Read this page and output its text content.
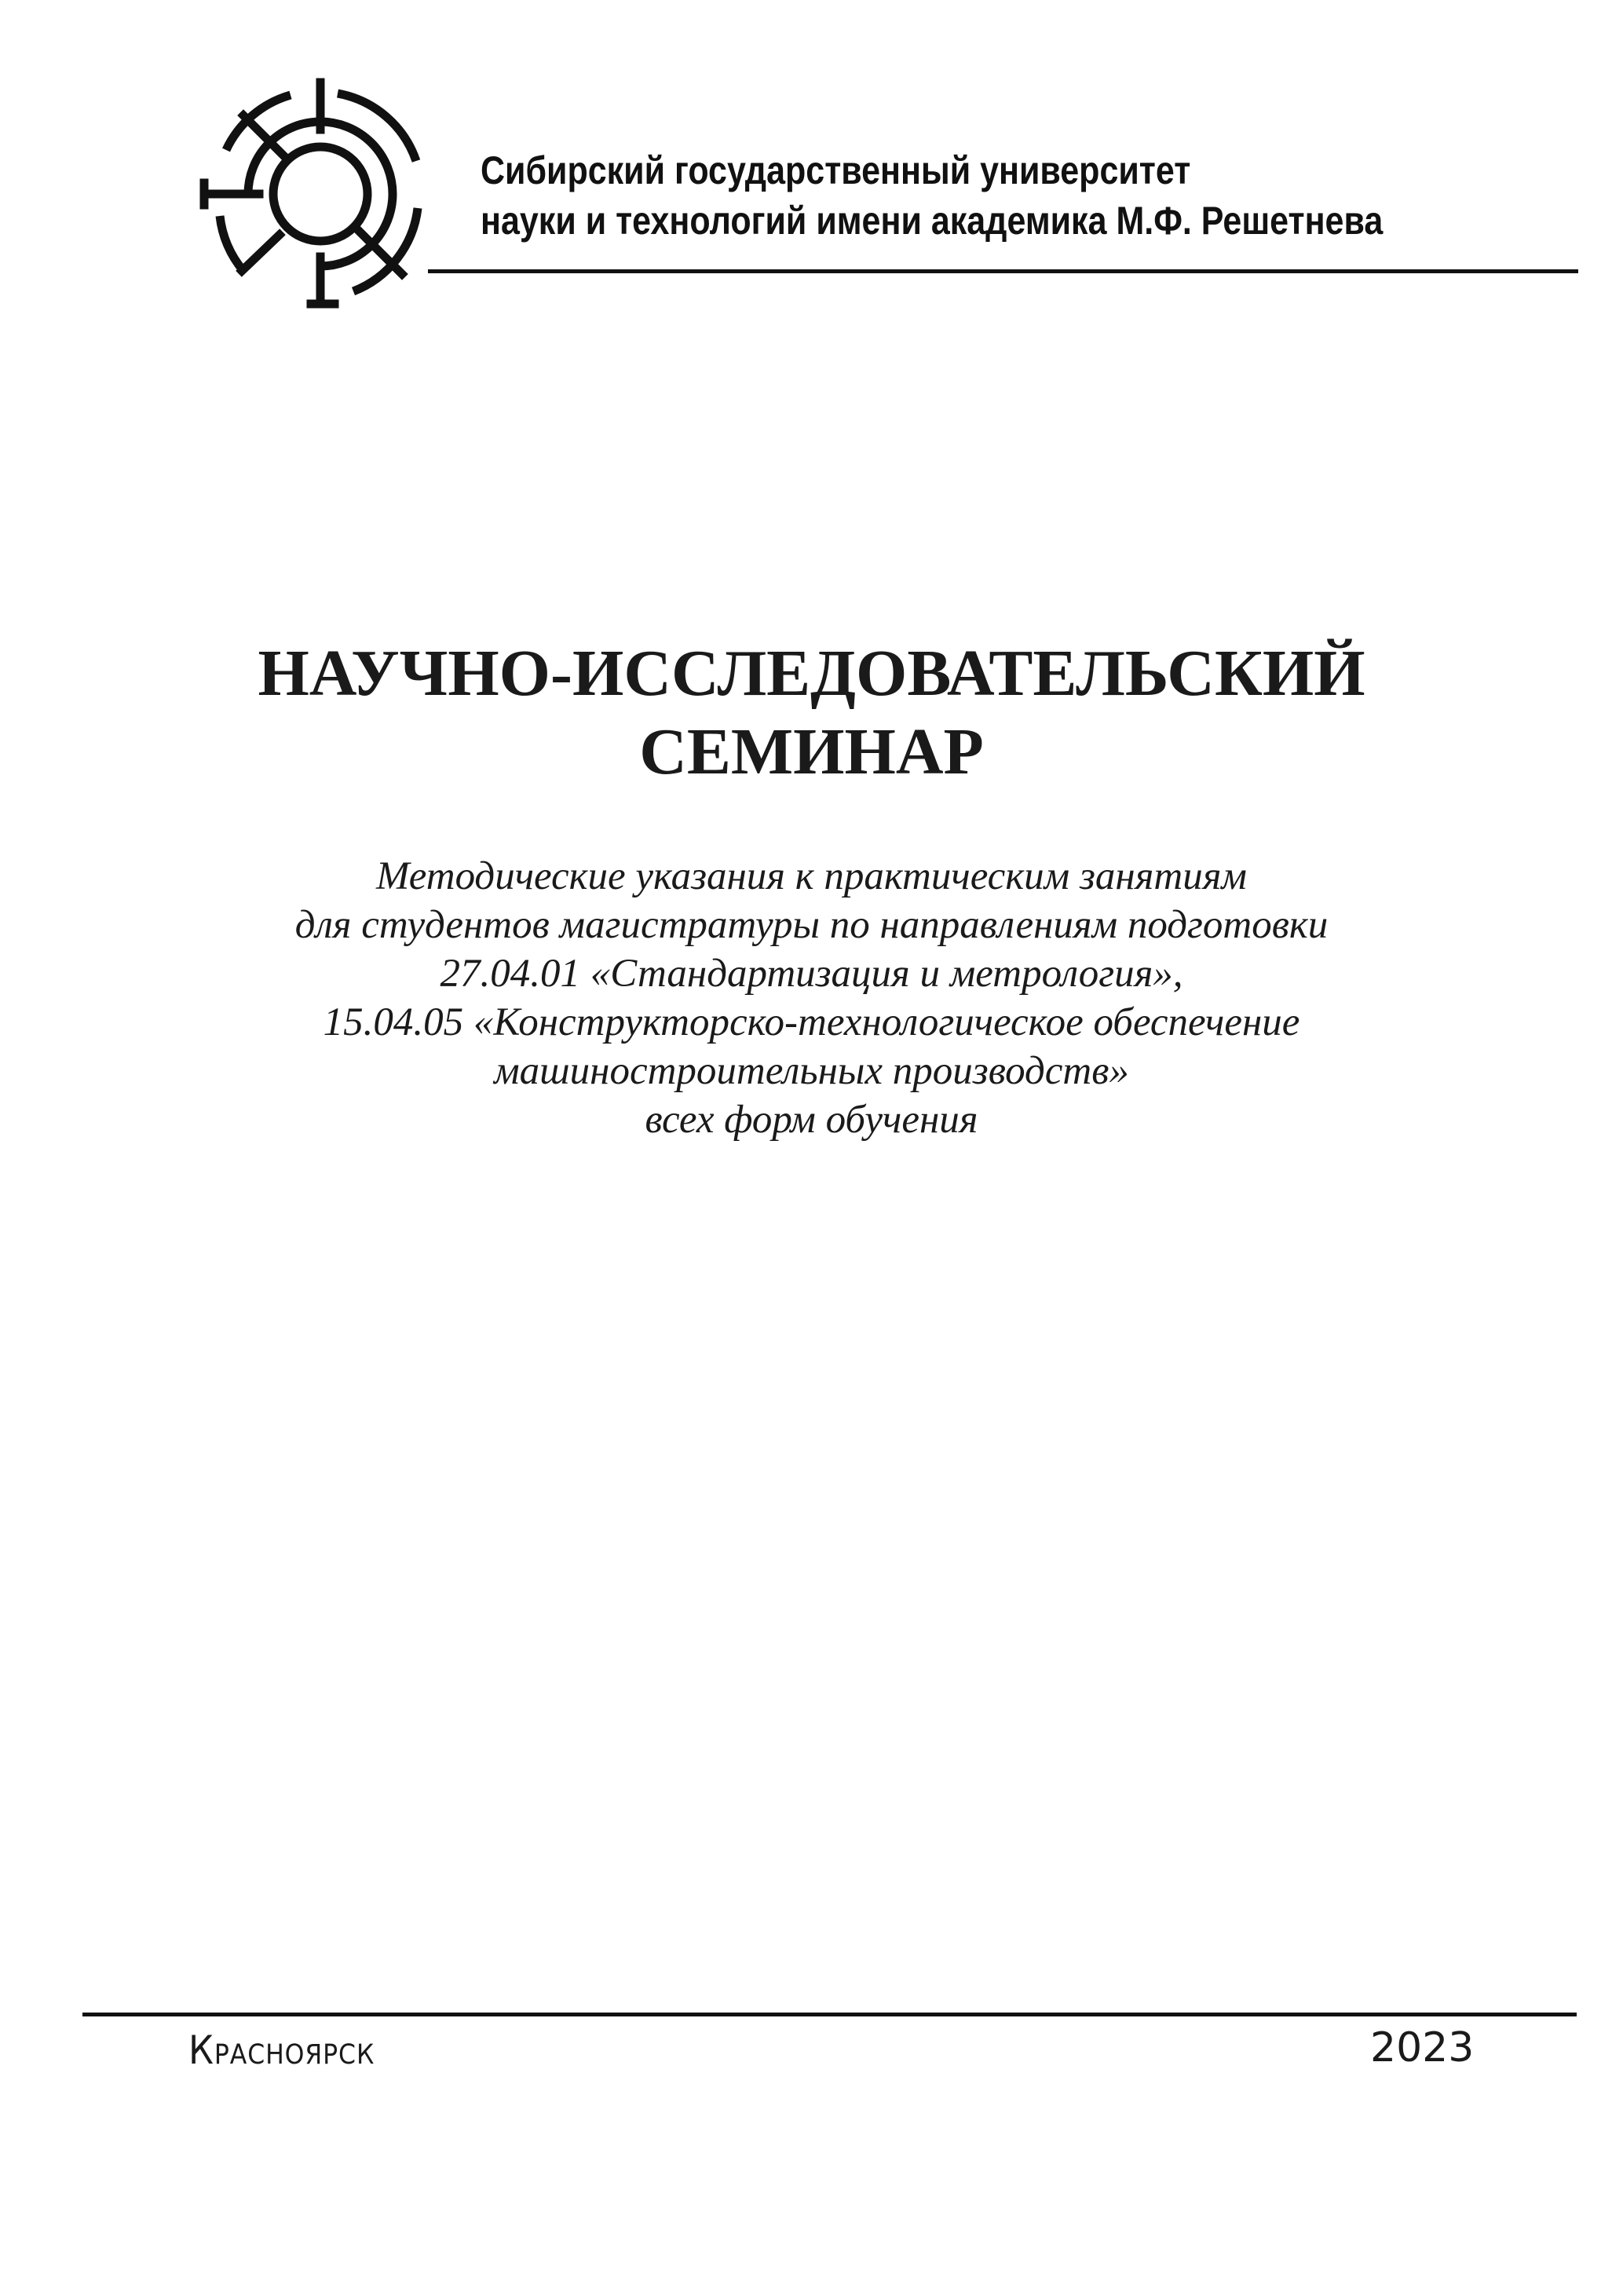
Сибирский государственный университет
науки и технологий имени академика М.Ф. Решетнева
НАУЧНО-ИССЛЕДОВАТЕЛЬСКИЙ
СЕМИНАР
Методические указания к практическим занятиям
для студентов магистратуры по направлениям подготовки
27.04.01 «Стандартизация и метрология»,
15.04.05 «Конструкторско-технологическое обеспечение
машиностроительных производств»
всех форм обучения
Красноярск	2023
